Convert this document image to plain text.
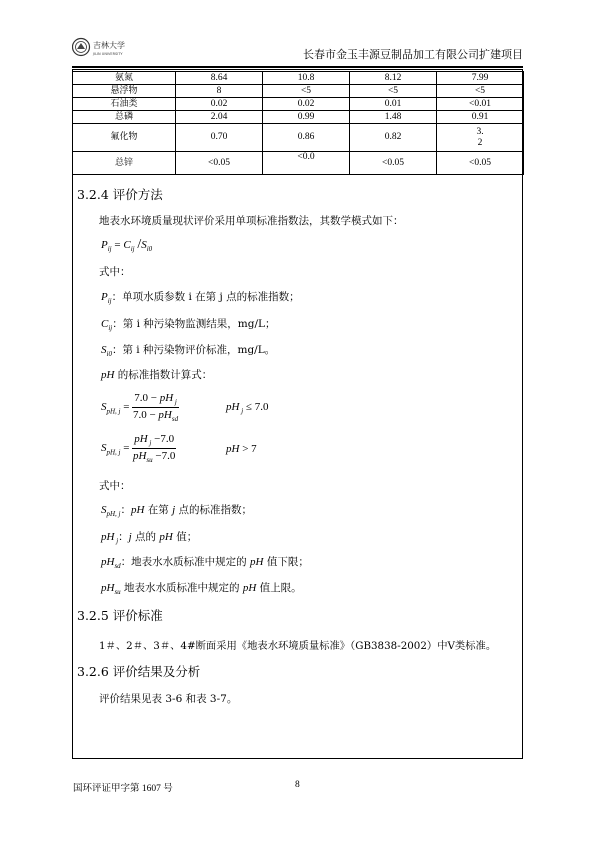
吉林大学
JILIN UNIVERSITY	长春市金玉丰源豆制品加工有限公司扩建项目
氨氮	8.64	10.8	8.12	7.99
悬浮物	8	<5	<5	<5
石油类	0.02	0.02	0.01	<0.01
总磷	2.04	0.99	1.48	0.91
氟化物	0.70	0.86	0.82	3.
2
总锌	<0.05	<0.0	<0.05	<0.05
3.2.4 评价方法
地表水环境质量现状评价采用单项标准指数法，其数学模式如下：
$P_{ij} = C_{ij}$ $/S_{i0}$
式中：
$P_{ij}$：单项水质参数 i 在第 j 点的标准指数；
$C_{ij}$：第 i 种污染物监测结果，mg/L；
$S_{i0}$：第 i 种污染物评价标准，mg/L。
pH 的标准指数计算式：
$S_{pH, j} = \frac{7.0 - pH _j}{7.0 - pH_{sd}}$	pH $_j$ ≤ 7.0
$S_{pH, j} = \frac{pH _j -7.0}{pH_{su} -7.0}$	pH > 7
式中：
$S_{pH, j}$：pH 在第 j 点的标准指数；
pH $_j$：j 点的 pH 值；
$pH_{sd}$：地表水水质标准中规定的 pH 值下限；
$pH_{su}$ 地表水水质标准中规定的 pH 值上限。
3.2.5 评价标准
1＃、2＃、3＃、4#断面采用《地表水环境质量标准》（GB3838-2002）中Ⅴ类标准。
3.2.6 评价结果及分析
评价结果见表 3-6 和表 3-7。
国环评证甲字第 1607 号	8
